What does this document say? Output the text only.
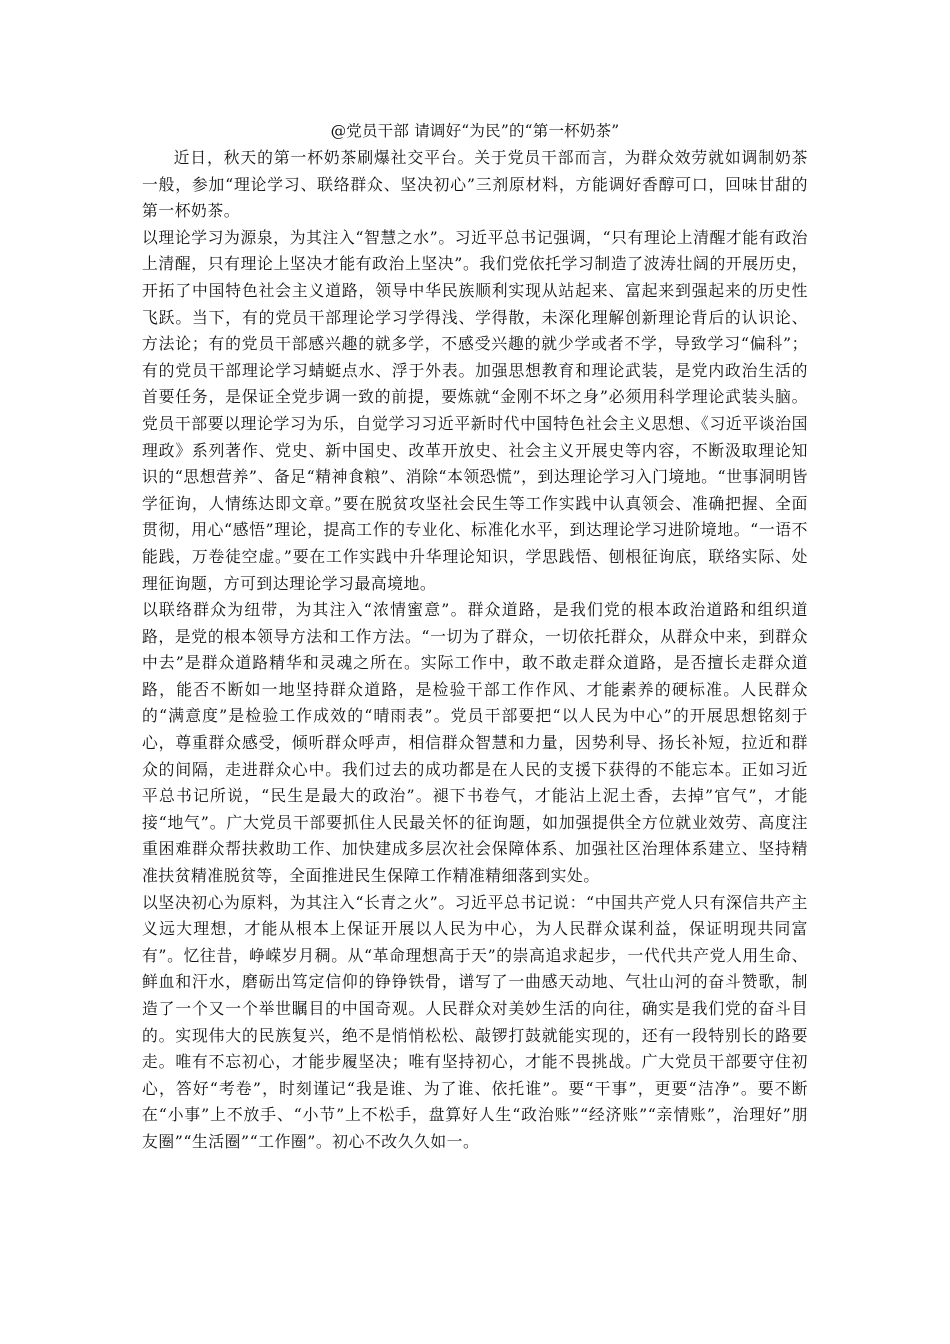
@党员干部 请调好“为民”的“第一杯奶茶”

近日，秋天的第一杯奶茶刷爆社交平台。关于党员干部而言，为群众效劳就如调制奶茶一般，参加“理论学习、联络群众、坚决初心”三剂原材料，方能调好香醇可口，回味甘甜的第一杯奶茶。

以理论学习为源泉，为其注入“智慧之水”。习近平总书记强调，“只有理论上清醒才能有政治上清醒，只有理论上坚决才能有政治上坚决”。我们党依托学习制造了波涛壮阔的开展历史，开拓了中国特色社会主义道路，领导中华民族顺利实现从站起来、富起来到强起来的历史性飞跃。当下，有的党员干部理论学习学得浅、学得散，未深化理解创新理论背后的认识论、方法论；有的党员干部感兴趣的就多学，不感受兴趣的就少学或者不学，导致学习“偏科”；有的党员干部理论学习蜻蜓点水、浮于外表。加强思想教育和理论武装，是党内政治生活的首要任务，是保证全党步调一致的前提，要炼就“金刚不坏之身”必须用科学理论武装头脑。党员干部要以理论学习为乐，自觉学习习近平新时代中国特色社会主义思想、《习近平谈治国理政》系列著作、党史、新中国史、改革开放史、社会主义开展史等内容，不断汲取理论知识的“思想营养”、备足“精神食粮”、消除“本领恐慌”，到达理论学习入门境地。“世事洞明皆学征询，人情练达即文章。”要在脱贫攻坚社会民生等工作实践中认真领会、准确把握、全面贯彻，用心“感悟”理论，提高工作的专业化、标准化水平，到达理论学习进阶境地。“一语不能践，万卷徒空虚。”要在工作实践中升华理论知识，学思践悟、刨根征询底，联络实际、处理征询题，方可到达理论学习最高境地。

以联络群众为纽带，为其注入“浓情蜜意”。群众道路，是我们党的根本政治道路和组织道路，是党的根本领导方法和工作方法。“一切为了群众，一切依托群众，从群众中来，到群众中去”是群众道路精华和灵魂之所在。实际工作中，敢不敢走群众道路，是否擅长走群众道路，能否不断如一地坚持群众道路，是检验干部工作作风、才能素养的硬标准。人民群众的“满意度”是检验工作成效的“晴雨表”。党员干部要把“以人民为中心”的开展思想铭刻于心，尊重群众感受，倾听群众呼声，相信群众智慧和力量，因势利导、扬长补短，拉近和群众的间隔，走进群众心中。我们过去的成功都是在人民的支援下获得的不能忘本。正如习近平总书记所说，“民生是最大的政治”。褪下书卷气，才能沾上泥土香，去掉”官气”，才能接“地气”。广大党员干部要抓住人民最关怀的征询题，如加强提供全方位就业效劳、高度注重困难群众帮扶救助工作、加快建成多层次社会保障体系、加强社区治理体系建立、坚持精准扶贫精准脱贫等，全面推进民生保障工作精准精细落到实处。

以坚决初心为原料，为其注入“长青之火”。习近平总书记说：“中国共产党人只有深信共产主义远大理想，才能从根本上保证开展以人民为中心，为人民群众谋利益，保证明现共同富有”。忆往昔，峥嵘岁月稠。从“革命理想高于天”的崇高追求起步，一代代共产党人用生命、鲜血和汗水，磨砺出笃定信仰的铮铮铁骨，谱写了一曲感天动地、气壮山河的奋斗赞歌，制造了一个又一个举世瞩目的中国奇观。人民群众对美妙生活的向往，确实是我们党的奋斗目的。实现伟大的民族复兴，绝不是悄悄松松、敲锣打鼓就能实现的，还有一段特别长的路要走。唯有不忘初心，才能步履坚决；唯有坚持初心，才能不畏挑战。广大党员干部要守住初心，答好“考卷”，时刻谨记“我是谁、为了谁、依托谁”。要“干事”，更要“洁净”。要不断在“小事”上不放手、“小节”上不松手，盘算好人生“政治账”“经济账”“亲情账”，治理好”朋友圈”“生活圈”“工作圈”。初心不改久久如一。
